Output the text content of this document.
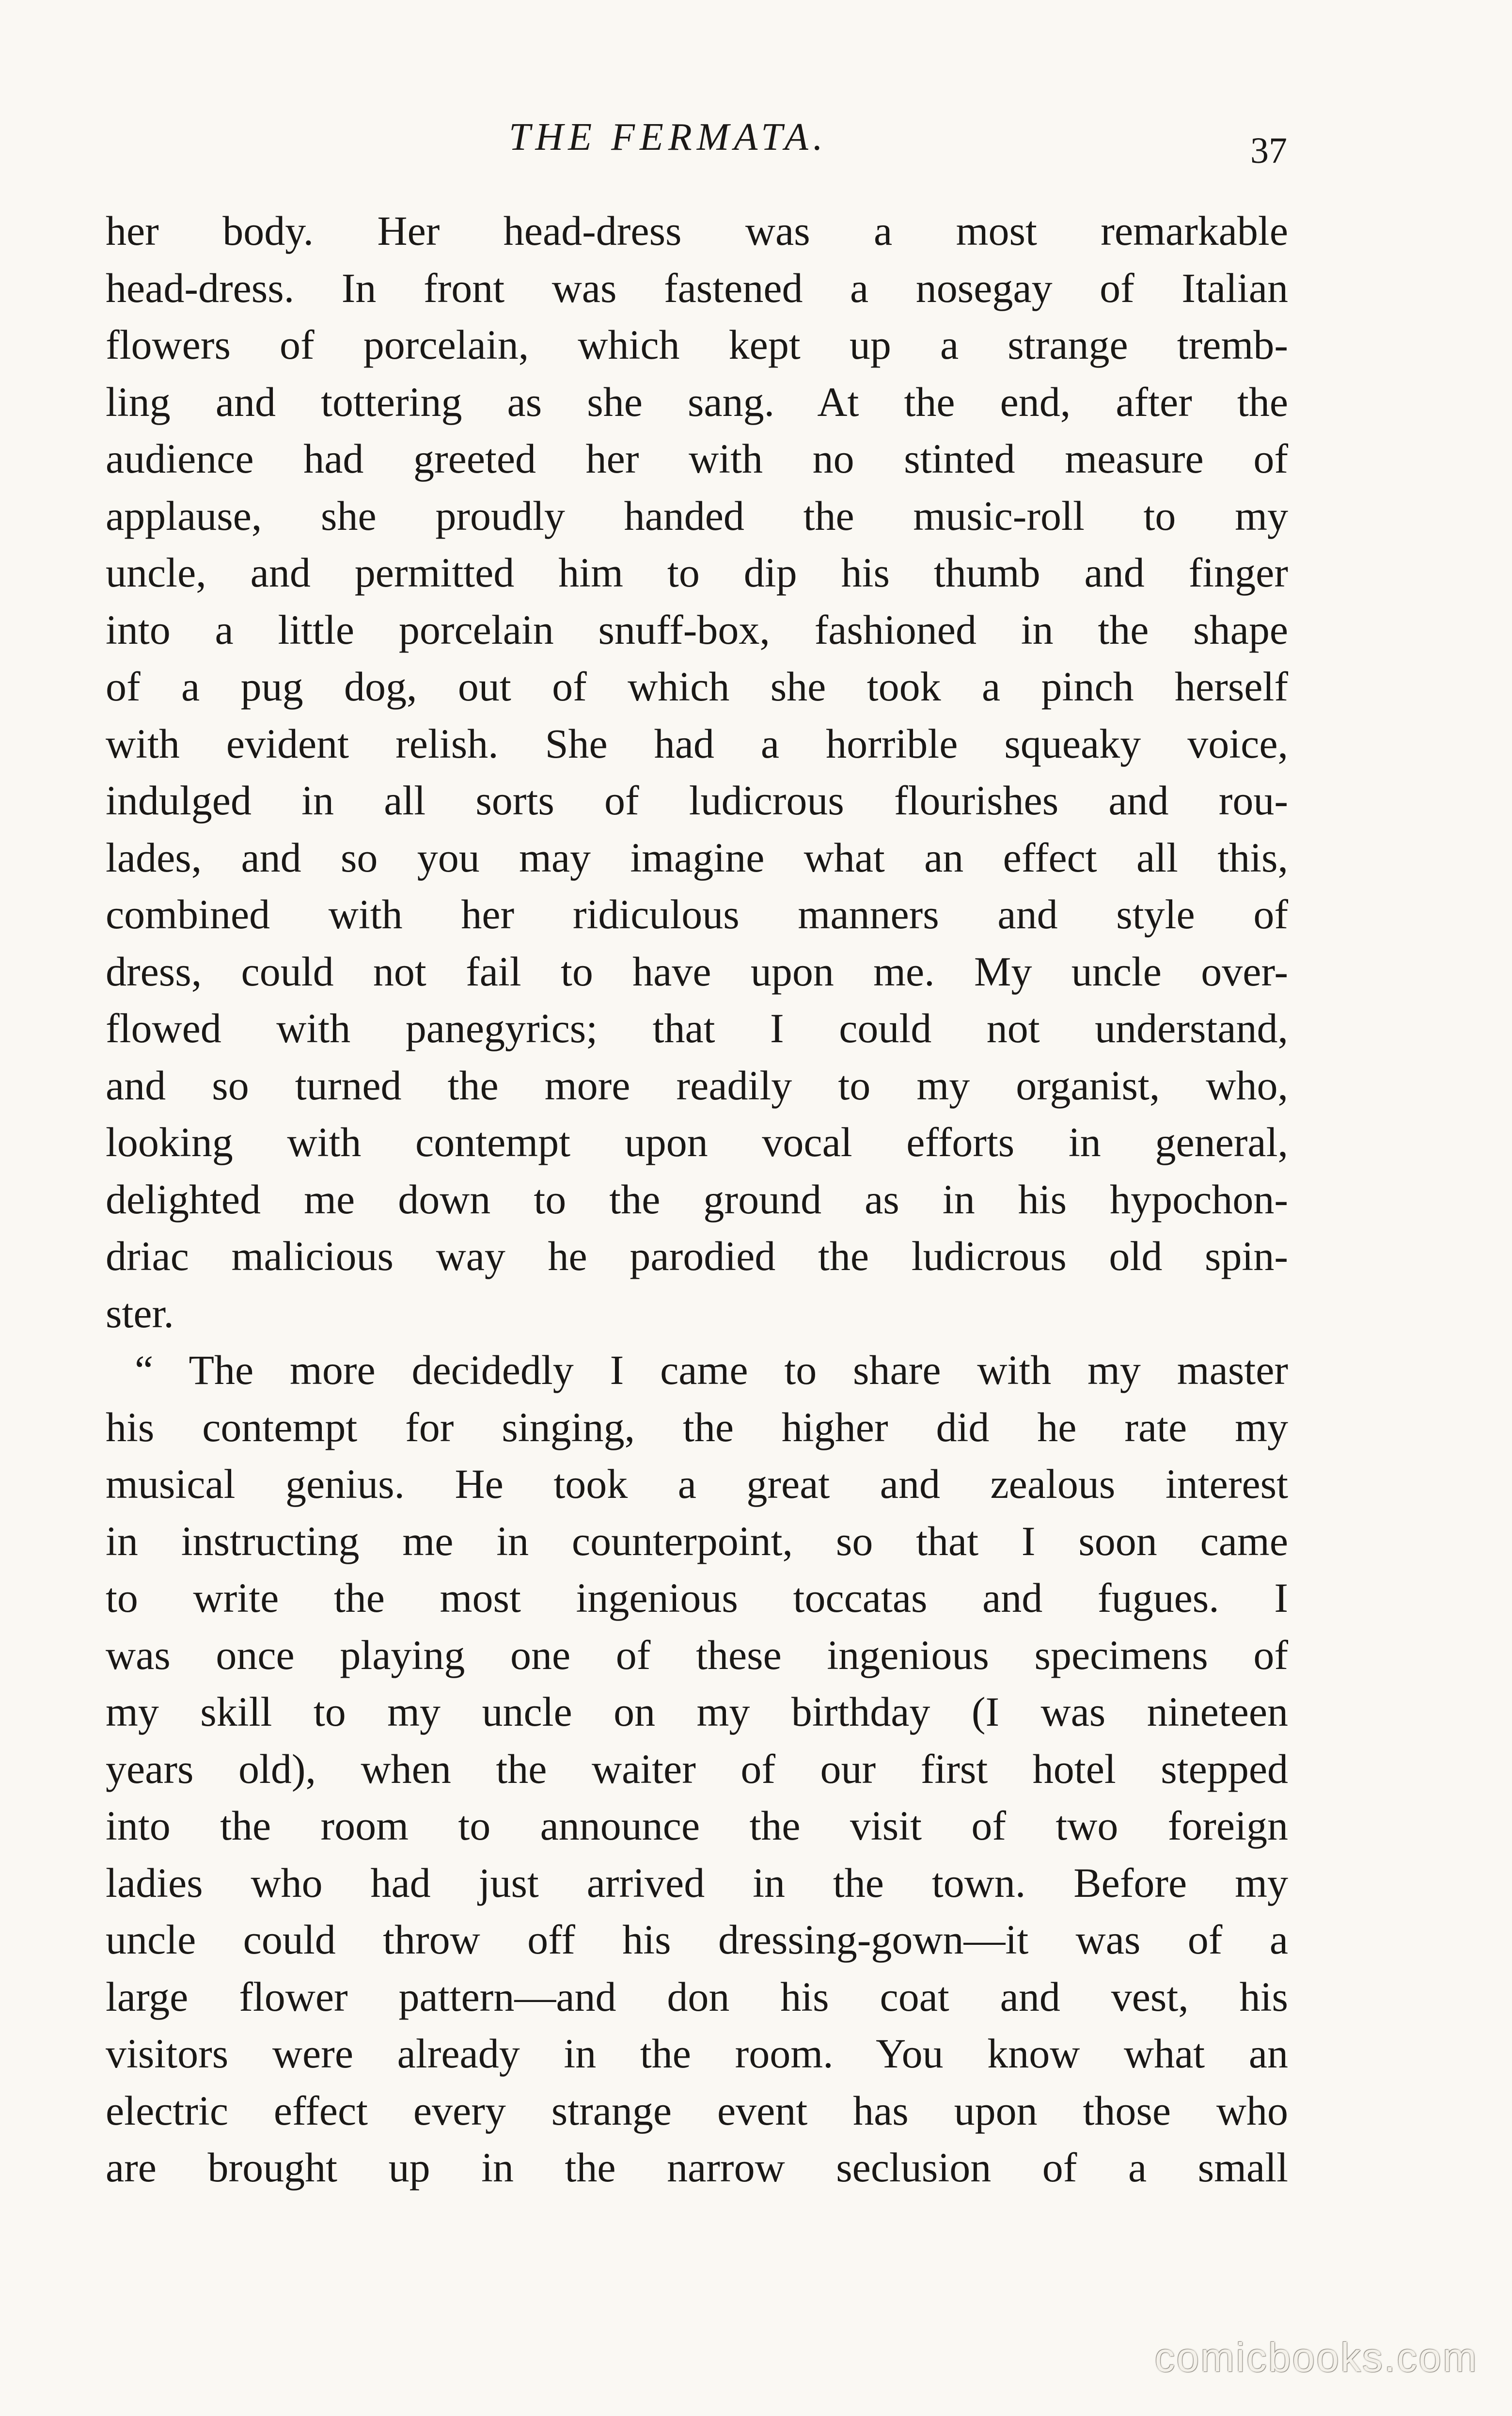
THE FERMATA.	37
her body. Her head-dress was a most remarkable
head-dress. In front was fastened a nosegay of Italian
flowers of porcelain, which kept up a strange tremb-
ling and tottering as she sang. At the end, after the
audience had greeted her with no stinted measure of
applause, she proudly handed the music-roll to my
uncle, and permitted him to dip his thumb and finger
into a little porcelain snuff-box, fashioned in the shape
of a pug dog, out of which she took a pinch herself
with evident relish. She had a horrible squeaky voice,
indulged in all sorts of ludicrous flourishes and rou-
lades, and so you may imagine what an effect all this,
combined with her ridiculous manners and style of
dress, could not fail to have upon me. My uncle over-
flowed with panegyrics; that I could not understand,
and so turned the more readily to my organist, who,
looking with contempt upon vocal efforts in general,
delighted me down to the ground as in his hypochon-
driac malicious way he parodied the ludicrous old spin-
ster.
“ The more decidedly I came to share with my master
his contempt for singing, the higher did he rate my
musical genius. He took a great and zealous interest
in instructing me in counterpoint, so that I soon came
to write the most ingenious toccatas and fugues. I
was once playing one of these ingenious specimens of
my skill to my uncle on my birthday (I was nineteen
years old), when the waiter of our first hotel stepped
into the room to announce the visit of two foreign
ladies who had just arrived in the town. Before my
uncle could throw off his dressing-gown—it was of a
large flower pattern—and don his coat and vest, his
visitors were already in the room. You know what an
electric effect every strange event has upon those who
are brought up in the narrow seclusion of a small
comicbooks.com
